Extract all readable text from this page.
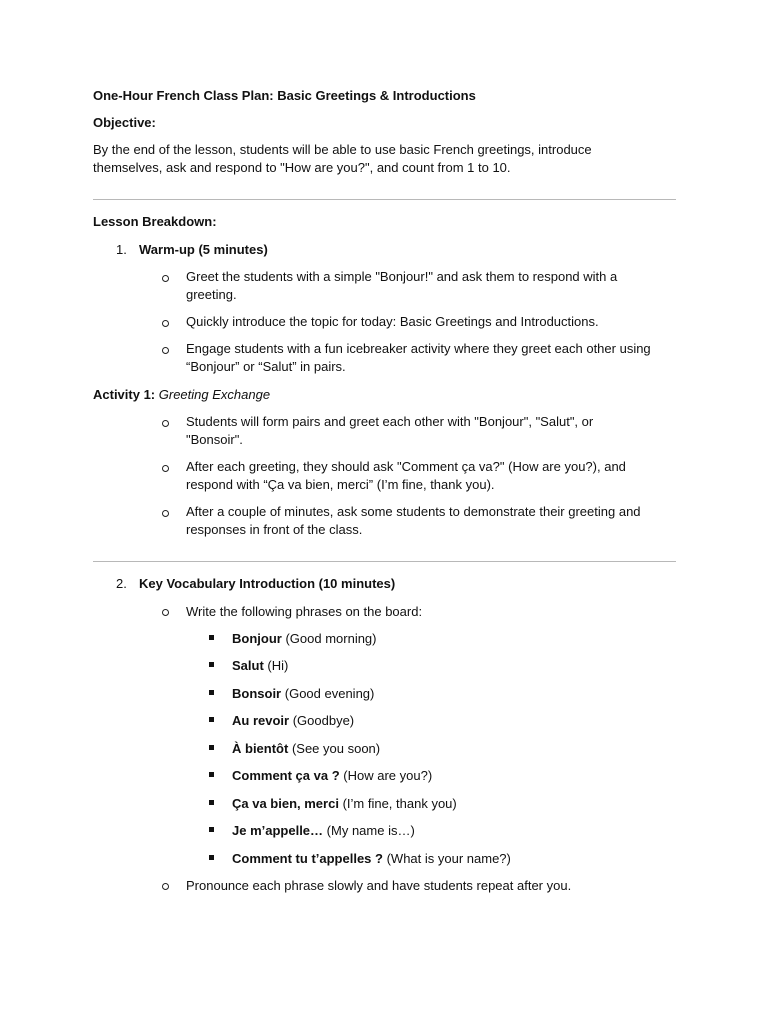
One-Hour French Class Plan: Basic Greetings & Introductions
Objective:
By the end of the lesson, students will be able to use basic French greetings, introduce themselves, ask and respond to "How are you?", and count from 1 to 10.
Lesson Breakdown:
1. Warm-up (5 minutes)
Greet the students with a simple "Bonjour!" and ask them to respond with a greeting.
Quickly introduce the topic for today: Basic Greetings and Introductions.
Engage students with a fun icebreaker activity where they greet each other using “Bonjour” or “Salut” in pairs.
Activity 1: Greeting Exchange
Students will form pairs and greet each other with "Bonjour", "Salut", or "Bonsoir".
After each greeting, they should ask "Comment ça va?" (How are you?), and respond with “Ça va bien, merci” (I’m fine, thank you).
After a couple of minutes, ask some students to demonstrate their greeting and responses in front of the class.
2. Key Vocabulary Introduction (10 minutes)
Write the following phrases on the board:
Bonjour (Good morning)
Salut (Hi)
Bonsoir (Good evening)
Au revoir (Goodbye)
À bientôt (See you soon)
Comment ça va ? (How are you?)
Ça va bien, merci (I’m fine, thank you)
Je m’appelle… (My name is…)
Comment tu t’appelles ? (What is your name?)
Pronounce each phrase slowly and have students repeat after you.
